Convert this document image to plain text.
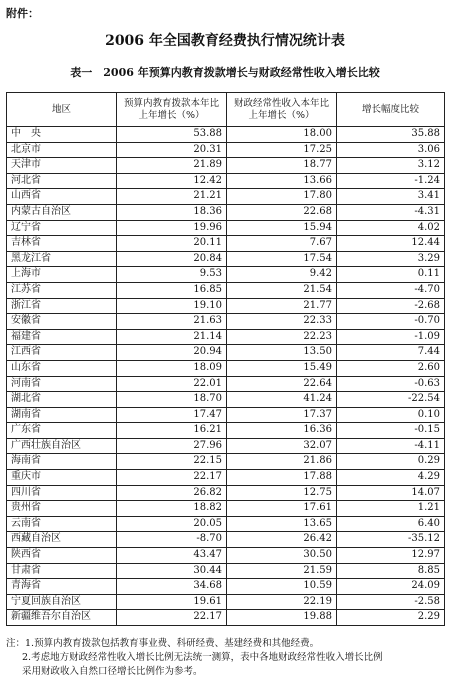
附件：
2006 年全国教育经费执行情况统计表
表一　2006 年预算内教育拨款增长与财政经常性收入增长比较
地区	预算内教育拨款本年比上年增长（%）	财政经常性收入本年比上年增长（%）	增长幅度比较
中　央	53.88	18.00	35.88
北京市	20.31	17.25	3.06
天津市	21.89	18.77	3.12
河北省	12.42	13.66	-1.24
山西省	21.21	17.80	3.41
内蒙古自治区	18.36	22.68	-4.31
辽宁省	19.96	15.94	4.02
吉林省	20.11	7.67	12.44
黑龙江省	20.84	17.54	3.29
上海市	9.53	9.42	0.11
江苏省	16.85	21.54	-4.70
浙江省	19.10	21.77	-2.68
安徽省	21.63	22.33	-0.70
福建省	21.14	22.23	-1.09
江西省	20.94	13.50	7.44
山东省	18.09	15.49	2.60
河南省	22.01	22.64	-0.63
湖北省	18.70	41.24	-22.54
湖南省	17.47	17.37	0.10
广东省	16.21	16.36	-0.15
广西壮族自治区	27.96	32.07	-4.11
海南省	22.15	21.86	0.29
重庆市	22.17	17.88	4.29
四川省	26.82	12.75	14.07
贵州省	18.82	17.61	1.21
云南省	20.05	13.65	6.40
西藏自治区	-8.70	26.42	-35.12
陕西省	43.47	30.50	12.97
甘肃省	30.44	21.59	8.85
青海省	34.68	10.59	24.09
宁夏回族自治区	19.61	22.19	-2.58
新疆维吾尔自治区	22.17	19.88	2.29
注：1.预算内教育拨款包括教育事业费、科研经费、基建经费和其他经费。
2.考虑地方财政经常性收入增长比例无法统一测算，表中各地财政经常性收入增长比例
采用财政收入自然口径增长比例作为参考。
